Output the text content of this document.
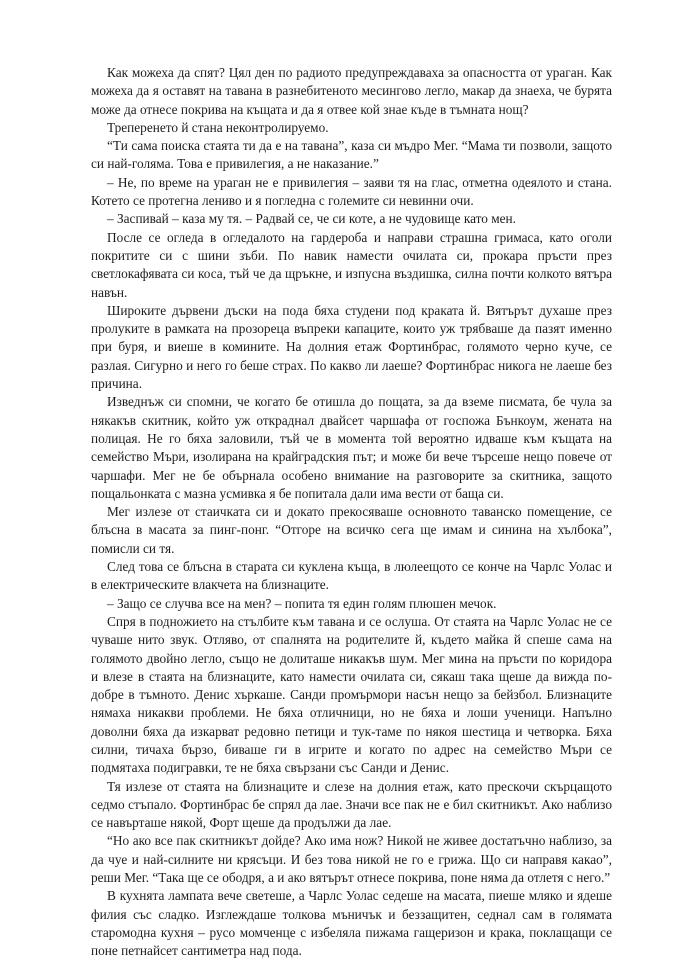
Как можеха да спят? Цял ден по радиото предупреждаваха за опасността от ураган. Как можеха да я оставят на тавана в разнебитеното месингово легло, макар да знаеха, че бурята може да отнесе покрива на къщата и да я отвее кой знае къде в тъмната нощ?

Треперенето й стана неконтролируемо.

“Ти сама поиска стаята ти да е на тавана”, каза си мъдро Мег. “Мама ти позволи, защото си най-голяма. Това е привилегия, а не наказание.”

– Не, по време на ураган не е привилегия – заяви тя на глас, отметна одеялото и стана. Котето се протегна лениво и я погледна с големите си невинни очи.

– Заспивай – каза му тя. – Радвай се, че си коте, а не чудовище като мен.

После се огледа в огледалото на гардероба и направи страшна гримаса, като оголи покритите си с шини зъби. По навик намести очилата си, прокара пръсти през светлокафявата си коса, тъй че да щръкне, и изпусна въздишка, силна почти колкото вятъра навън.

Широките дървени дъски на пода бяха студени под краката й. Вятърът духаше през пролуките в рамката на прозореца въпреки капаците, които уж трябваше да пазят именно при буря, и виеше в комините. На долния етаж Фортинбрас, голямото черно куче, се разлая. Сигурно и него го беше страх. По какво ли лаеше? Фортинбрас никога не лаеше без причина.

Изведнъж си спомни, че когато бе отишла до пощата, за да вземе писмата, бе чула за някакъв скитник, който уж откраднал двайсет чаршафа от госпожа Бънкоум, жената на полицая. Не го бяха заловили, тъй че в момента той вероятно идваше към къщата на семейство Мъри, изолирана на крайградския път; и може би вече търсеше нещо повече от чаршафи. Мег не бе обърнала особено внимание на разговорите за скитника, защото пощальонката с мазна усмивка я бе попитала дали има вести от баща си.

Мег излезе от стаичката си и докато прекосяваше основното таванско помещение, се блъсна в масата за пинг-понг. “Отгоре на всичко сега ще имам и синина на хълбока”, помисли си тя.

След това се блъсна в старата си куклена къща, в люлеещото се конче на Чарлс Уолас и в електрическите влакчета на близнаците.

– Защо се случва все на мен? – попита тя един голям плюшен мечок.

Спря в подножието на стълбите към тавана и се ослуша. От стаята на Чарлс Уолас не се чуваше нито звук. Отляво, от спалнята на родителите й, където майка й спеше сама на голямото двойно легло, също не долиташе никакъв шум. Мег мина на пръсти по коридора и влезе в стаята на близнаците, като намести очилата си, сякаш така щеше да вижда по-добре в тъмното. Денис хъркаше. Санди промърмори насън нещо за бейзбол. Близнаците нямаха никакви проблеми. Не бяха отличници, но не бяха и лоши ученици. Напълно доволни бяха да изкарват редовно петици и тук-таме по някоя шестица и четворка. Бяха силни, тичаха бързо, биваше ги в игрите и когато по адрес на семейство Мъри се подмятаха подигравки, те не бяха свързани със Санди и Денис.

Тя излезе от стаята на близнаците и слезе на долния етаж, като прескочи скърцащото седмо стъпало. Фортинбрас бе спрял да лае. Значи все пак не е бил скитникът. Ако наблизо се навърташе някой, Форт щеше да продължи да лае.

“Но ако все пак скитникът дойде? Ако има нож? Никой не живее достатъчно наблизо, за да чуе и най-силните ни крясъци. И без това никой не го е грижа. Що си направя какао”, реши Мег. “Така ще се ободря, а и ако вятърът отнесе покрива, поне няма да отлетя с него.”

В кухнята лампата вече светеше, а Чарлс Уолас седеше на масата, пиеше мляко и ядеше филия със сладко. Изглеждаше толкова мъничък и беззащитен, седнал сам в голямата старомодна кухня – русо момченце с избеляла пижама гащеризон и крака, поклащащи се поне петнайсет сантиметра над пода.
